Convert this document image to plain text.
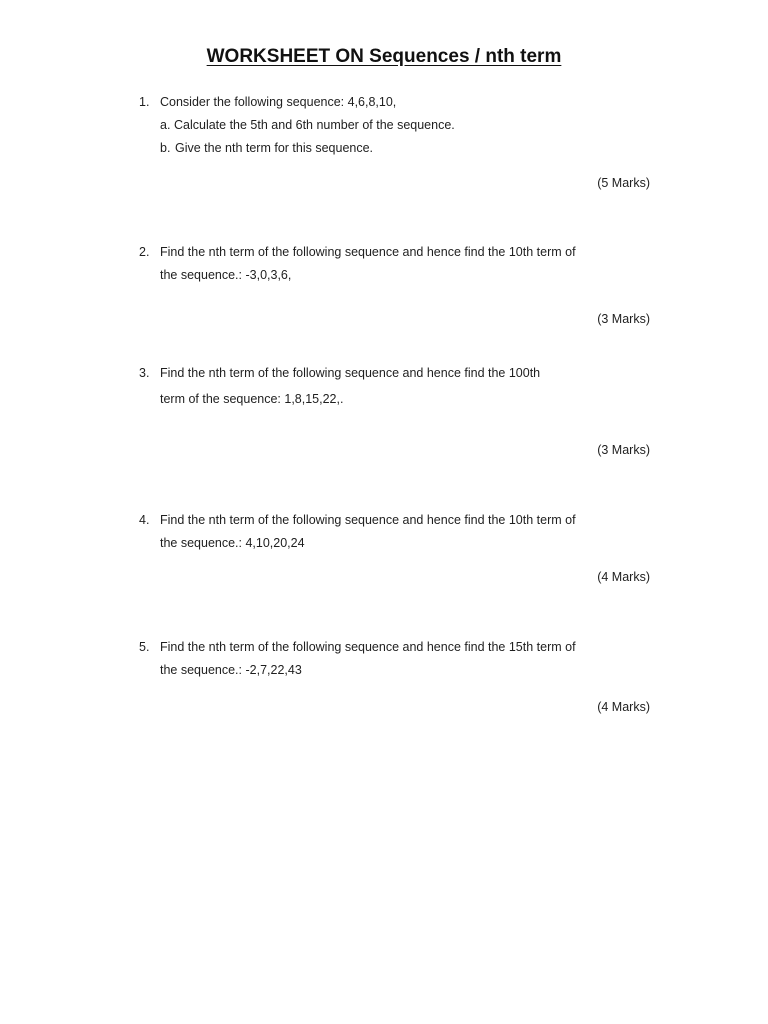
WORKSHEET ON Sequences / nth term
1. Consider the following sequence: 4,6,8,10,
a. Calculate the 5th and 6th number of the sequence.
b. Give the nth term for this sequence.
(5 Marks)
2. Find the nth term of the following sequence and hence find the 10th term of
the sequence.: -3,0,3,6,
(3 Marks)
3. Find the nth term of the following sequence and hence find the 100th
term of the sequence: 1,8,15,22,.
(3 Marks)
4. Find the nth term of the following sequence and hence find the 10th term of
the sequence.: 4,10,20,24
(4 Marks)
5. Find the nth term of the following sequence and hence find the 15th term of
the sequence.: -2,7,22,43
(4 Marks)
